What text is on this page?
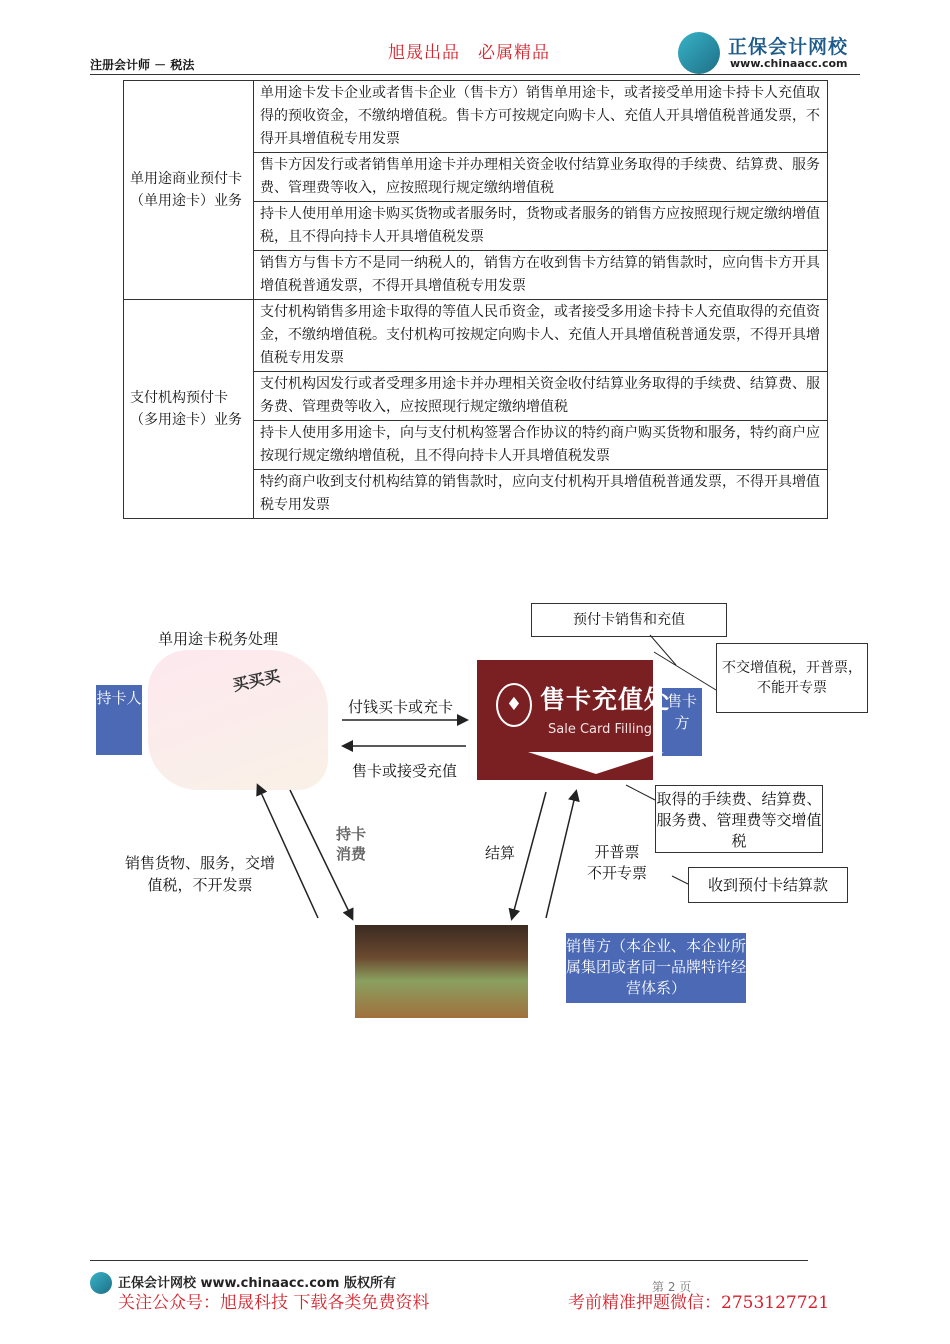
注册会计师 － 税法
旭晟出品　必属精品	正保会计网校
www.chinaacc.com
单用途商业预付卡（单用途卡）业务	单用途卡发卡企业或者售卡企业（售卡方）销售单用途卡，或者接受单用途卡持卡人充值取得的预收资金，不缴纳增值税。售卡方可按规定向购卡人、充值人开具增值税普通发票，不得开具增值税专用发票
	售卡方因发行或者销售单用途卡并办理相关资金收付结算业务取得的手续费、结算费、服务费、管理费等收入，应按照现行规定缴纳增值税
	持卡人使用单用途卡购买货物或者服务时，货物或者服务的销售方应按照现行规定缴纳增值税，且不得向持卡人开具增值税发票
	销售方与售卡方不是同一纳税人的，销售方在收到售卡方结算的销售款时，应向售卡方开具增值税普通发票，不得开具增值税专用发票
支付机构预付卡（多用途卡）业务	支付机构销售多用途卡取得的等值人民币资金，或者接受多用途卡持卡人充值取得的充值资金，不缴纳增值税。支付机构可按规定向购卡人、充值人开具增值税普通发票，不得开具增值税专用发票
	支付机构因发行或者受理多用途卡并办理相关资金收付结算业务取得的手续费、结算费、服务费、管理费等收入，应按照现行规定缴纳增值税
	持卡人使用多用途卡，向与支付机构签署合作协议的特约商户购买货物和服务，特约商户应按现行规定缴纳增值税，且不得向持卡人开具增值税发票
	特约商户收到支付机构结算的销售款时，应向支付机构开具增值税普通发票，不得开具增值税专用发票
单用途卡税务处理
预付卡销售和充值
不交增值税，开普票，不能开专票
持卡人	售卡方
买买买
♦ 售卡充值处
Sale Card Filling
付钱买卡或充卡
售卡或接受充值
取得的手续费、结算费、服务费、管理费等交增值税
收到预付卡结算款
销售货物、服务，交增值税，不开发票
持卡消费	结算	开普票
不开专票
销售方（本企业、本企业所属集团或者同一品牌特许经营体系）
正保会计网校 www.chinaacc.com 版权所有	第 2 页
关注公众号：旭晟科技 下载各类免费资料	考前精准押题微信：2753127721
